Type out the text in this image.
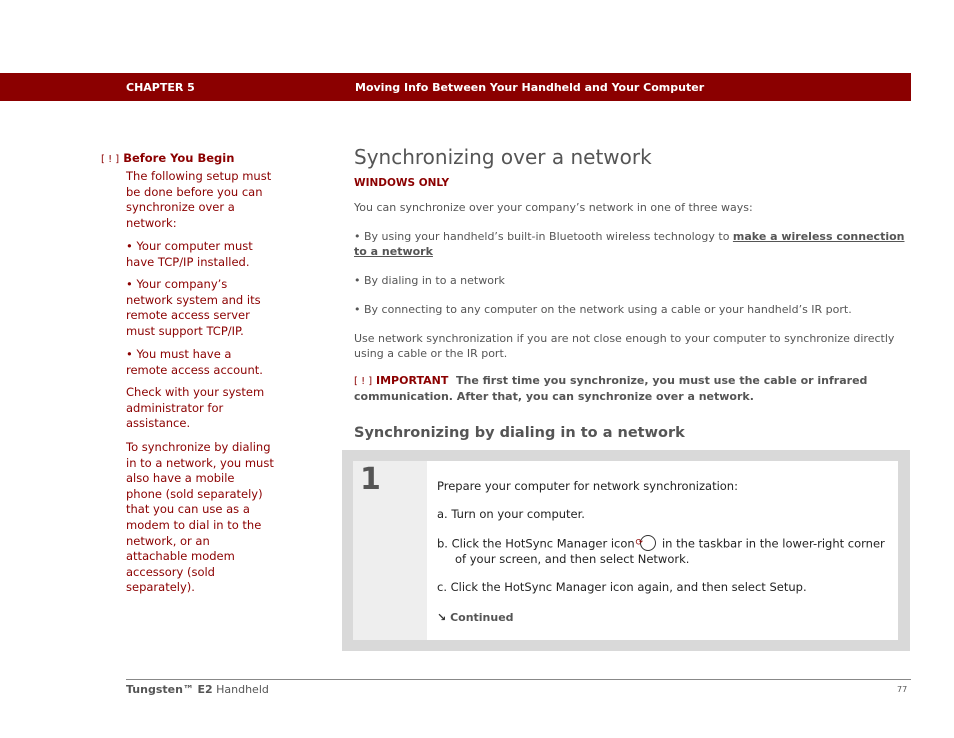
CHAPTER 5	Moving Info Between Your Handheld and Your Computer

[ ! ] Before You Begin

The following setup must be done before you can synchronize over a network:

• Your computer must have TCP/IP installed.
• Your company’s network system and its remote access server must support TCP/IP.
• You must have a remote access account.
Check with your system administrator for assistance.
To synchronize by dialing in to a network, you must also have a mobile phone (sold separately) that you can use as a modem to dial in to the network, or an attachable modem accessory (sold separately).
Synchronizing over a network
WINDOWS ONLY
You can synchronize over your company’s network in one of three ways:
• By using your handheld’s built-in Bluetooth wireless technology to make a wireless connection to a network
• By dialing in to a network
• By connecting to any computer on the network using a cable or your handheld’s IR port.
Use network synchronization if you are not close enough to your computer to synchronize directly using a cable or the IR port.
[ ! ] IMPORTANT The first time you synchronize, you must use the cable or infrared communication. After that, you can synchronize over a network.
Synchronizing by dialing in to a network
1	Prepare your computer for network synchronization:
a. Turn on your computer.
b. Click the HotSync Manager icon ⟳ in the taskbar in the lower-right corner of your screen, and then select Network.
c. Click the HotSync Manager icon again, and then select Setup.
↘ Continued
Tungsten™ E2 Handheld	77
